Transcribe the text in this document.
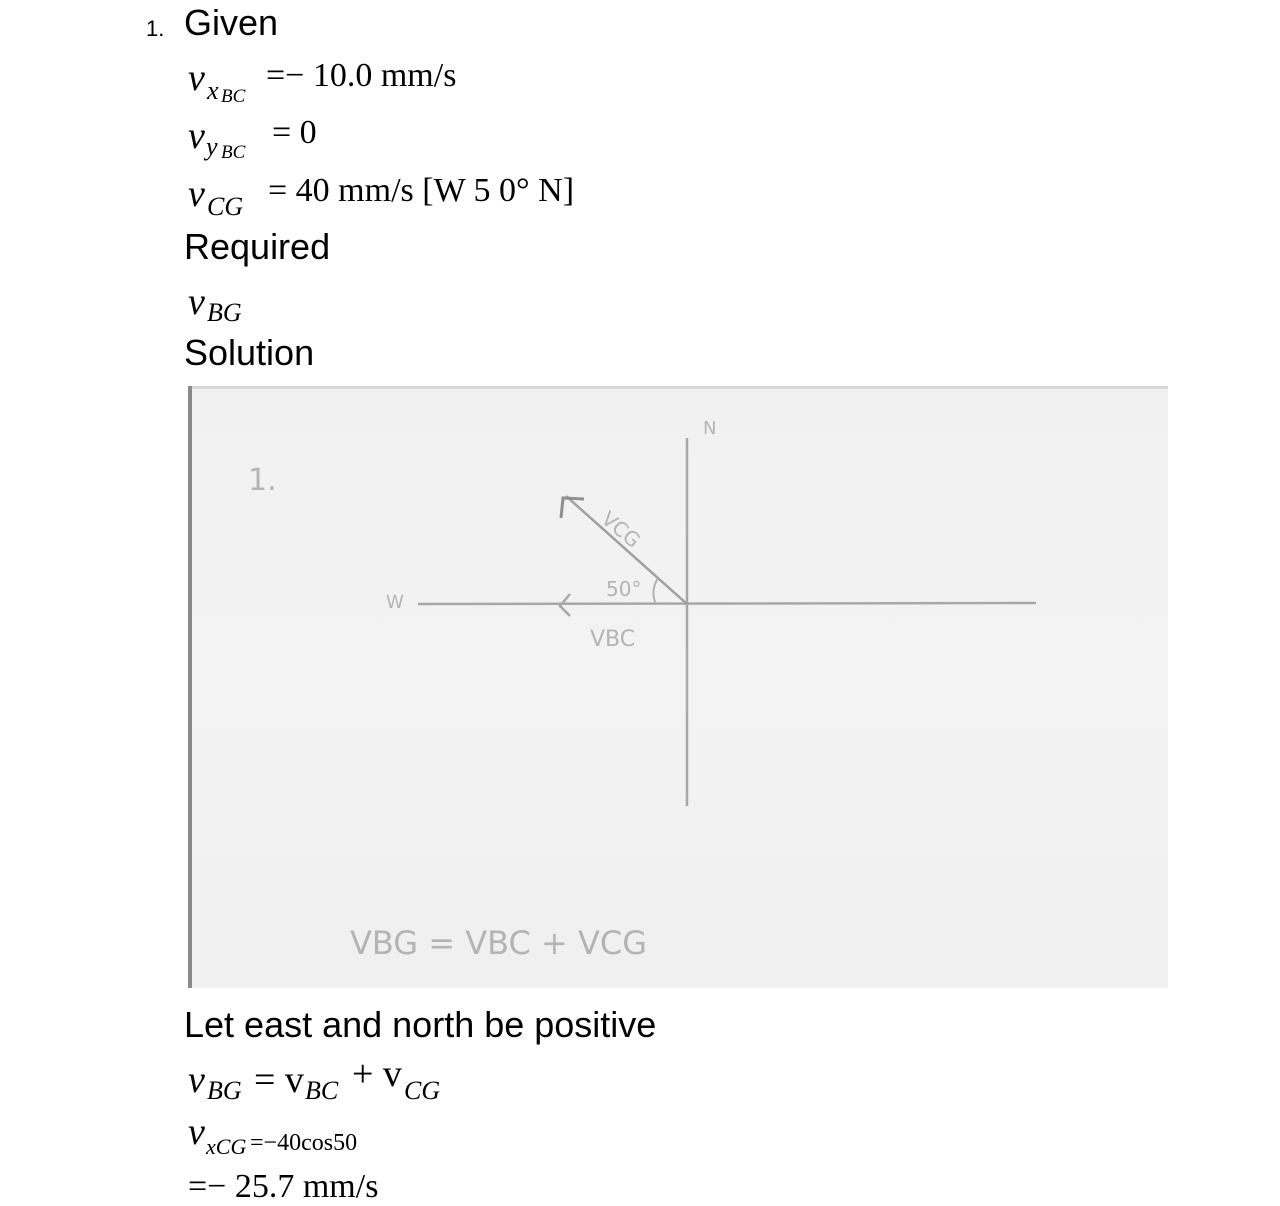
1. Given
v x BC
=− 10.0 mm/s
v y BC
= 0
v CG = 40 mm/s [W 5 0° N]
Required
v BG
Solution
1.
N
W
VCG
50°
VBC
VBG = VBC + VCG
Let east and north be positive
v BG = v BC + v CG
v xCG =−40cos50
=− 25.7 mm/s
